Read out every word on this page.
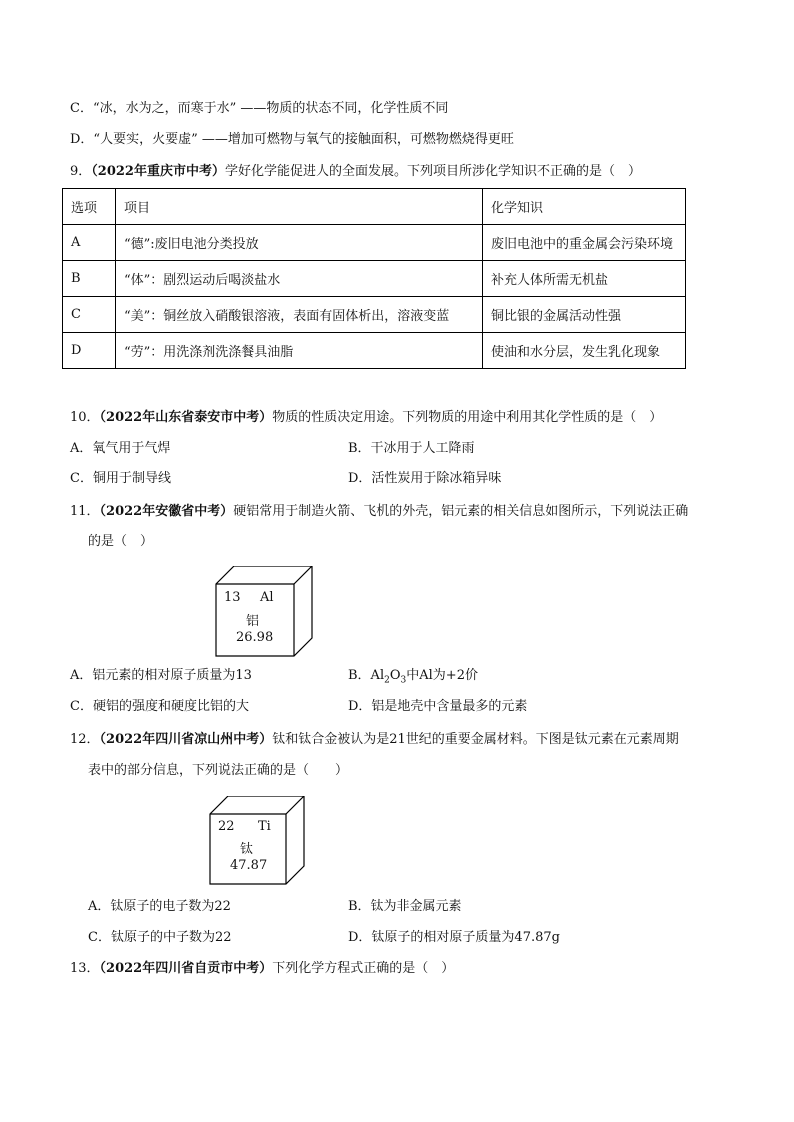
C．“冰，水为之，而寒于水” ——物质的状态不同，化学性质不同
D．“人要实，火要虚” ——增加可燃物与氧气的接触面积，可燃物燃烧得更旺
9．（2022年重庆市中考）学好化学能促进人的全面发展。下列项目所涉化学知识不正确的是（　）
选项	项目	化学知识
A	“德”:废旧电池分类投放	废旧电池中的重金属会污染环境
B	“体”：剧烈运动后喝淡盐水	补充人体所需无机盐
C	“美”：铜丝放入硝酸银溶液，表面有固体析出，溶液变蓝	铜比银的金属活动性强
D	“劳”：用洗涤剂洗涤餐具油脂	使油和水分层，发生乳化现象
10．（2022年山东省泰安市中考）物质的性质决定用途。下列物质的用途中利用其化学性质的是（　）
A．氧气用于气焊	B．干冰用于人工降雨
C．铜用于制导线	D．活性炭用于除冰箱异味
11．（2022年安徽省中考）硬铝常用于制造火箭、飞机的外壳，铝元素的相关信息如图所示，下列说法正确
的是（　）
13 Al
铝
26.98
A．铝元素的相对原子质量为13	B．$Al_2O_3$中Al为+2价
C．硬铝的强度和硬度比铝的大	D．铝是地壳中含量最多的元素
12．（2022年四川省凉山州中考）钛和钛合金被认为是21世纪的重要金属材料。下图是钛元素在元素周期
表中的部分信息，下列说法正确的是（　　）
22 Ti
钛
47.87
A．钛原子的电子数为22	B．钛为非金属元素
C．钛原子的中子数为22	D．钛原子的相对原子质量为47.87g
13．（2022年四川省自贡市中考）下列化学方程式正确的是（　）
